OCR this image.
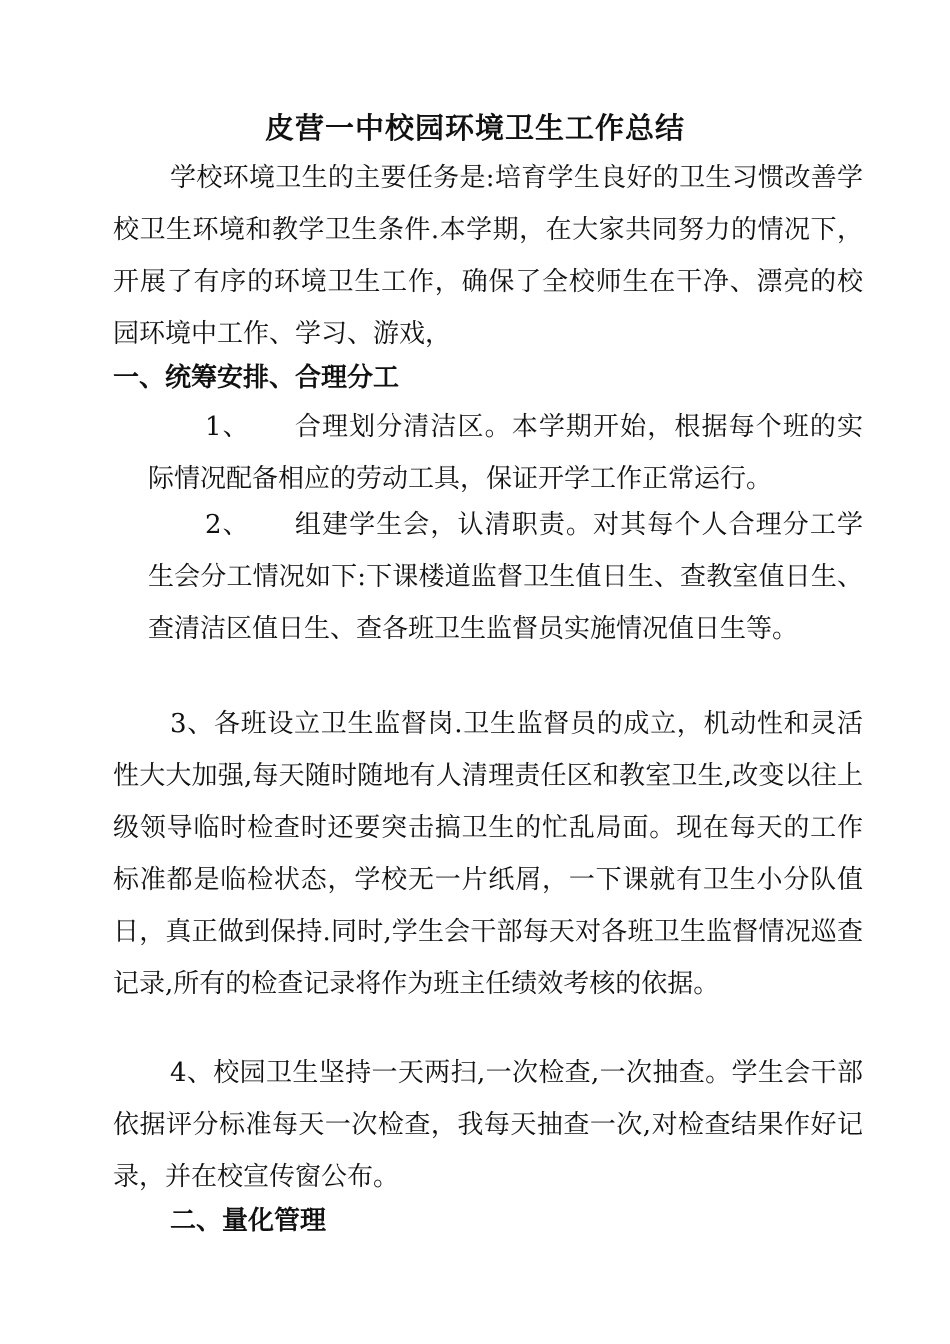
皮营一中校园环境卫生工作总结

学校环境卫生的主要任务是:培育学生良好的卫生习惯改善学校卫生环境和教学卫生条件.本学期，在大家共同努力的情况下，开展了有序的环境卫生工作，确保了全校师生在干净、漂亮的校园环境中工作、学习、游戏，

一、统筹安排、合理分工

1、 合理划分清洁区。本学期开始，根据每个班的实际情况配备相应的劳动工具，保证开学工作正常运行。

2、 组建学生会，认清职责。对其每个人合理分工学生会分工情况如下:下课楼道监督卫生值日生、查教室值日生、查清洁区值日生、查各班卫生监督员实施情况值日生等。

3、各班设立卫生监督岗.卫生监督员的成立，机动性和灵活性大大加强,每天随时随地有人清理责任区和教室卫生,改变以往上级领导临时检查时还要突击搞卫生的忙乱局面。现在每天的工作标准都是临检状态，学校无一片纸屑，一下课就有卫生小分队值日，真正做到保持.同时,学生会干部每天对各班卫生监督情况巡查记录,所有的检查记录将作为班主任绩效考核的依据。

4、校园卫生坚持一天两扫,一次检查,一次抽查。学生会干部依据评分标准每天一次检查，我每天抽查一次,对检查结果作好记录，并在校宣传窗公布。

二、量化管理
